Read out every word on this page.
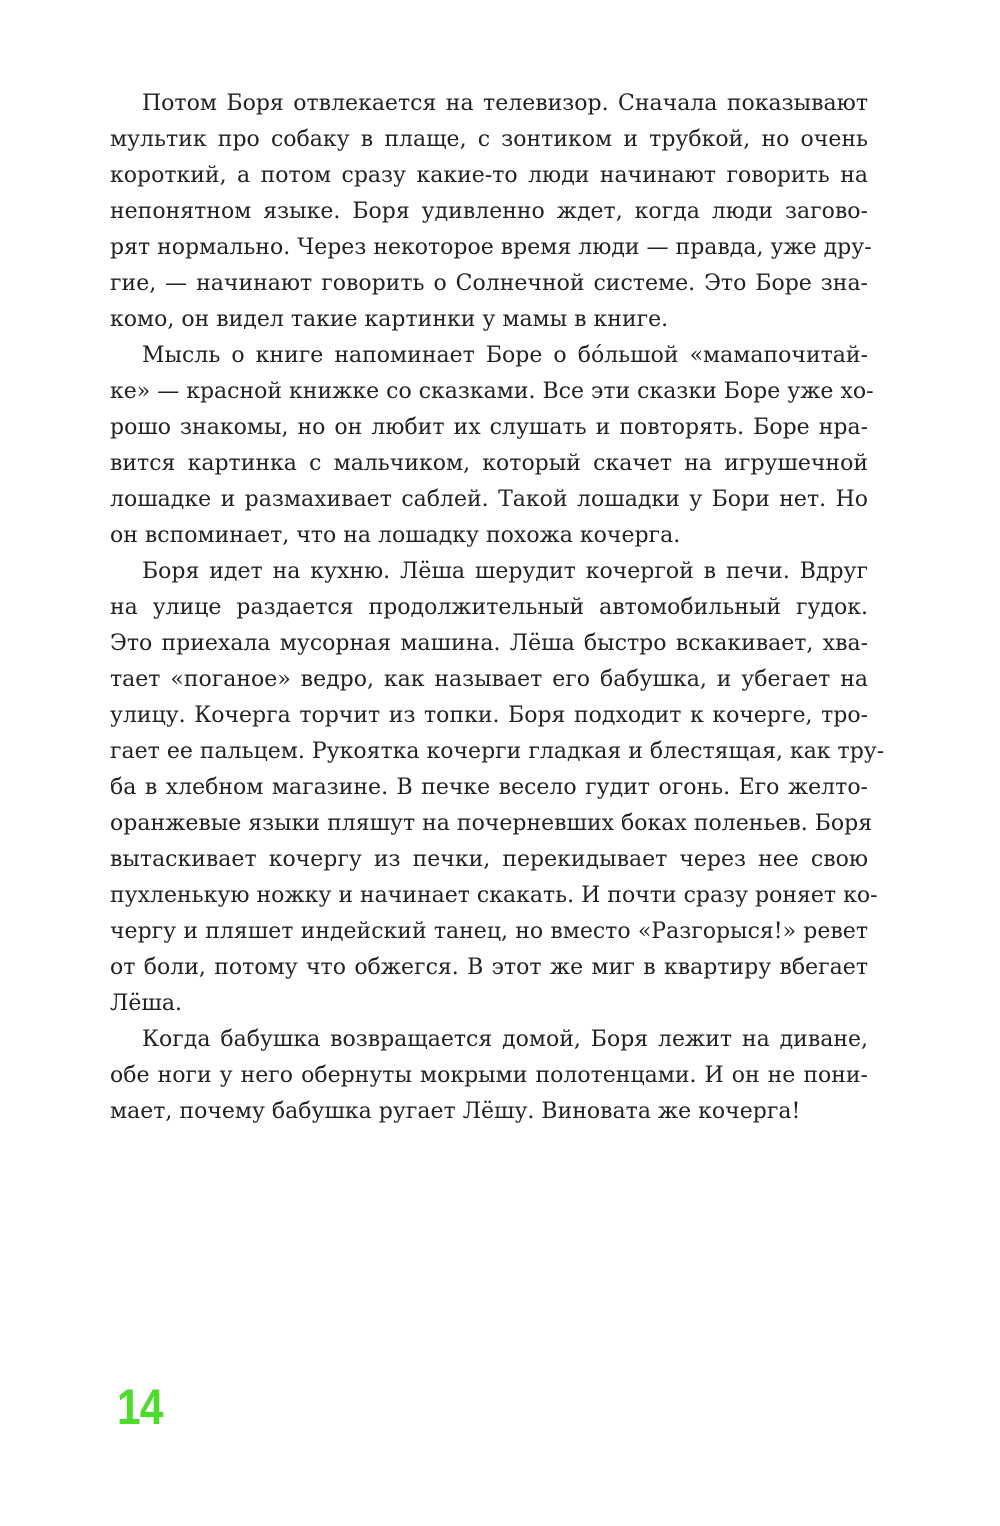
Потом Боря отвлекается на телевизор. Сначала показывают
мультик про собаку в плаще, с зонтиком и трубкой, но очень
короткий, а потом сразу какие-то люди начинают говорить на
непонятном языке. Боря удивленно ждет, когда люди загово-
рят нормально. Через некоторое время люди — правда, уже дру-
гие, — начинают говорить о Солнечной системе. Это Боре зна-
комо, он видел такие картинки у мамы в книге.
Мысль о книге напоминает Боре о бóльшой «мамапочитай-
ке» — красной книжке со сказками. Все эти сказки Боре уже хо-
рошо знакомы, но он любит их слушать и повторять. Боре нра-
вится картинка с мальчиком, который скачет на игрушечной
лошадке и размахивает саблей. Такой лошадки у Бори нет. Но
он вспоминает, что на лошадку похожа кочерга.
Боря идет на кухню. Лёша шерудит кочергой в печи. Вдруг
на улице раздается продолжительный автомобильный гудок.
Это приехала мусорная машина. Лёша быстро вскакивает, хва-
тает «поганое» ведро, как называет его бабушка, и убегает на
улицу. Кочерга торчит из топки. Боря подходит к кочерге, тро-
гает ее пальцем. Рукоятка кочерги гладкая и блестящая, как тру-
ба в хлебном магазине. В печке весело гудит огонь. Его желто-
оранжевые языки пляшут на почерневших боках поленьев. Боря
вытаскивает кочергу из печки, перекидывает через нее свою
пухленькую ножку и начинает скакать. И почти сразу роняет ко-
чергу и пляшет индейский танец, но вместо «Разгорыся!» ревет
от боли, потому что обжегся. В этот же миг в квартиру вбегает
Лёша.
Когда бабушка возвращается домой, Боря лежит на диване,
обе ноги у него обернуты мокрыми полотенцами. И он не пони-
мает, почему бабушка ругает Лёшу. Виновата же кочерга!
14
